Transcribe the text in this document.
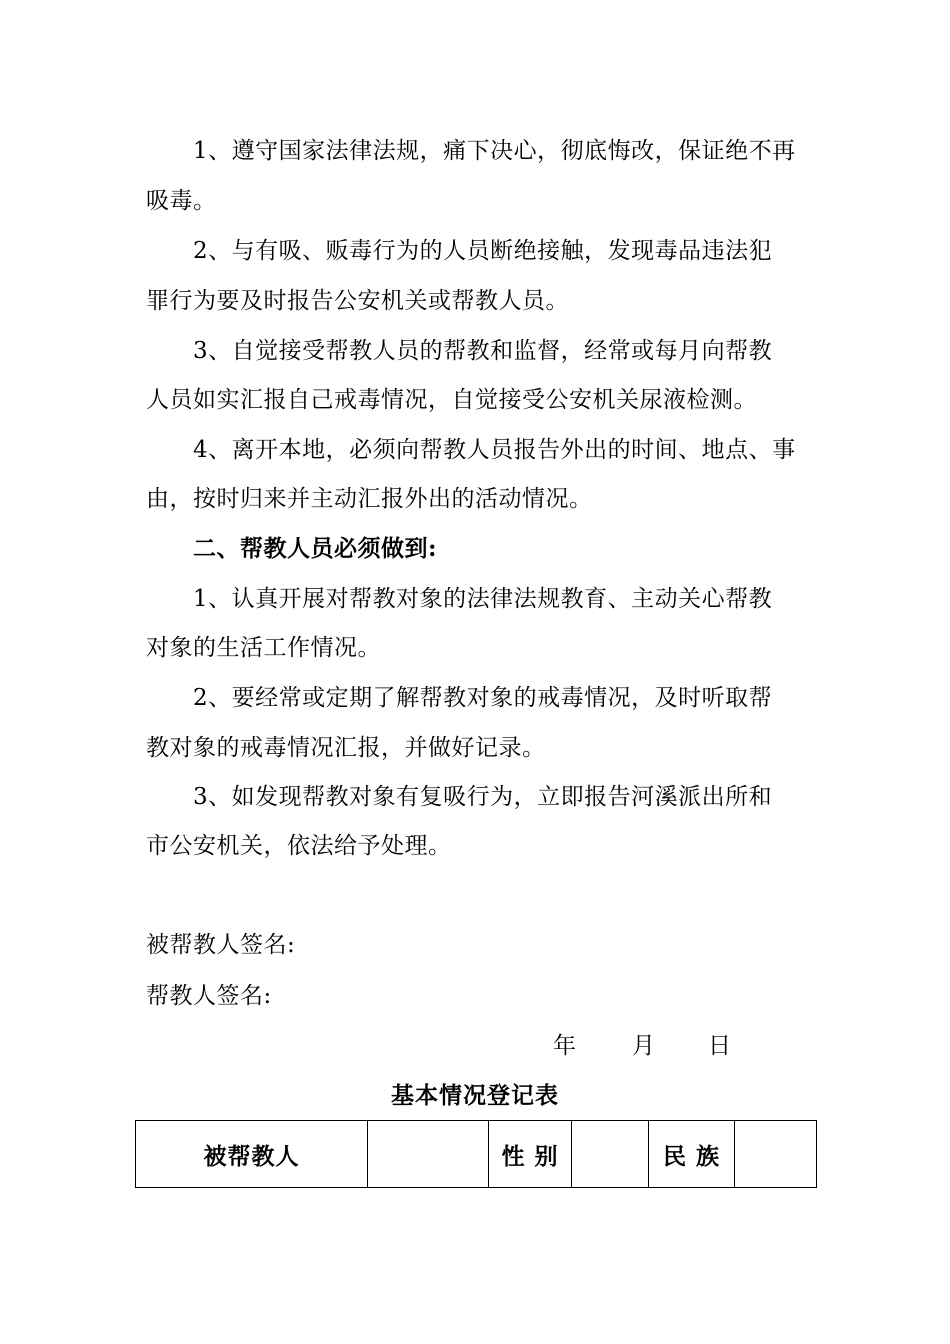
1、遵守国家法律法规，痛下决心，彻底悔改，保证绝不再
吸毒。
2、与有吸、贩毒行为的人员断绝接触，发现毒品违法犯
罪行为要及时报告公安机关或帮教人员。
3、自觉接受帮教人员的帮教和监督，经常或每月向帮教
人员如实汇报自己戒毒情况，自觉接受公安机关尿液检测。
4、离开本地，必须向帮教人员报告外出的时间、地点、事
由，按时归来并主动汇报外出的活动情况。
二、帮教人员必须做到:
1、认真开展对帮教对象的法律法规教育、主动关心帮教
对象的生活工作情况。
2、要经常或定期了解帮教对象的戒毒情况，及时听取帮
教对象的戒毒情况汇报，并做好记录。
3、如发现帮教对象有复吸行为，立即报告河溪派出所和
市公安机关，依法给予处理。
被帮教人签名:
帮教人签名:
年 月 日
基本情况登记表
被帮教人		性 别		民 族	
